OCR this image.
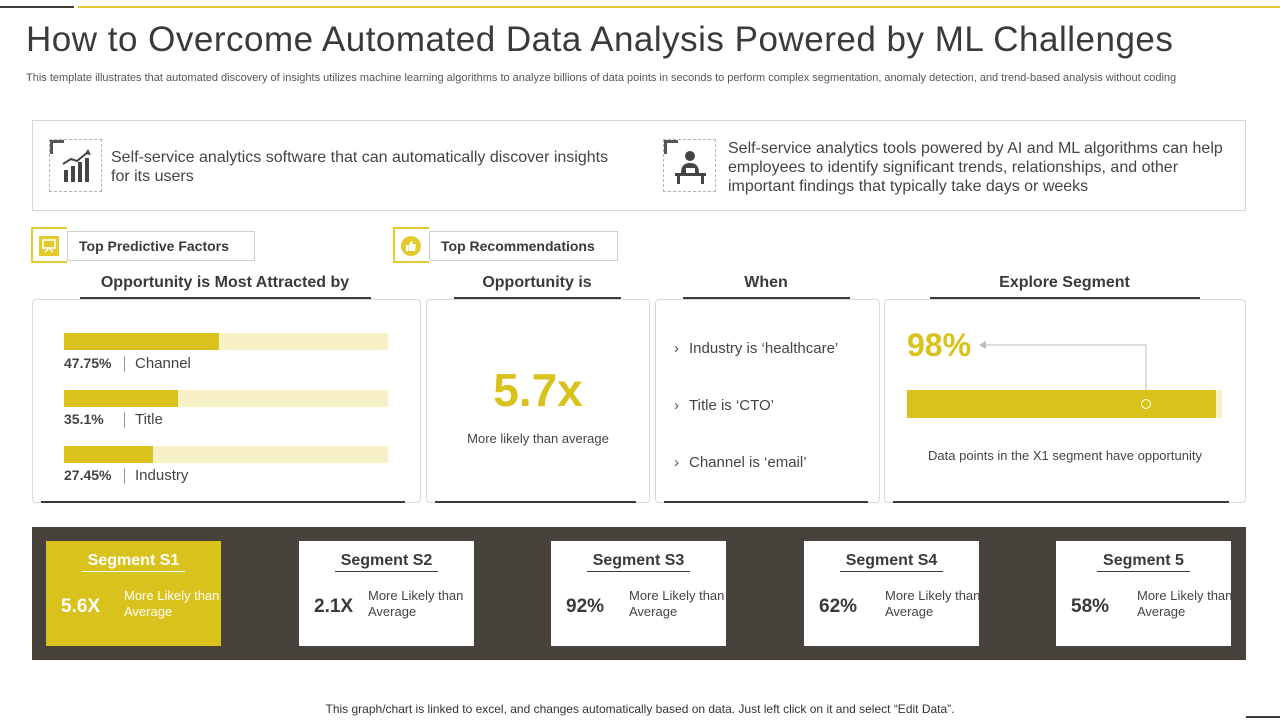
How to Overcome Automated Data Analysis Powered by ML Challenges

This template illustrates that automated discovery of insights utilizes machine learning algorithms to analyze billions of data points in seconds to perform complex segmentation, anomaly detection, and trend-based analysis without coding

Self-service analytics software that can automatically discover insights for its users
Self-service analytics tools powered by AI and ML algorithms can help employees to identify significant trends, relationships, and other important findings that typically take days or weeks
Top Predictive Factors	Top Recommendations
Opportunity is Most Attracted by	Opportunity is	When	Explore Segment
47.75% Channel
35.1% Title
27.45% Industry
5.7x
More likely than average
› Industry is ‘healthcare’
› Title is ‘CTO’
› Channel is ‘email’
98%
Data points in the X1 segment have opportunity
Segment S1
5.6X
More Likely than Average
Segment S2
2.1X
More Likely than Average
Segment S3
92%
More Likely than Average
Segment S4
62%
More Likely than Average
Segment 5
58%
More Likely than Average
This graph/chart is linked to excel, and changes automatically based on data. Just left click on it and select “Edit Data”.
